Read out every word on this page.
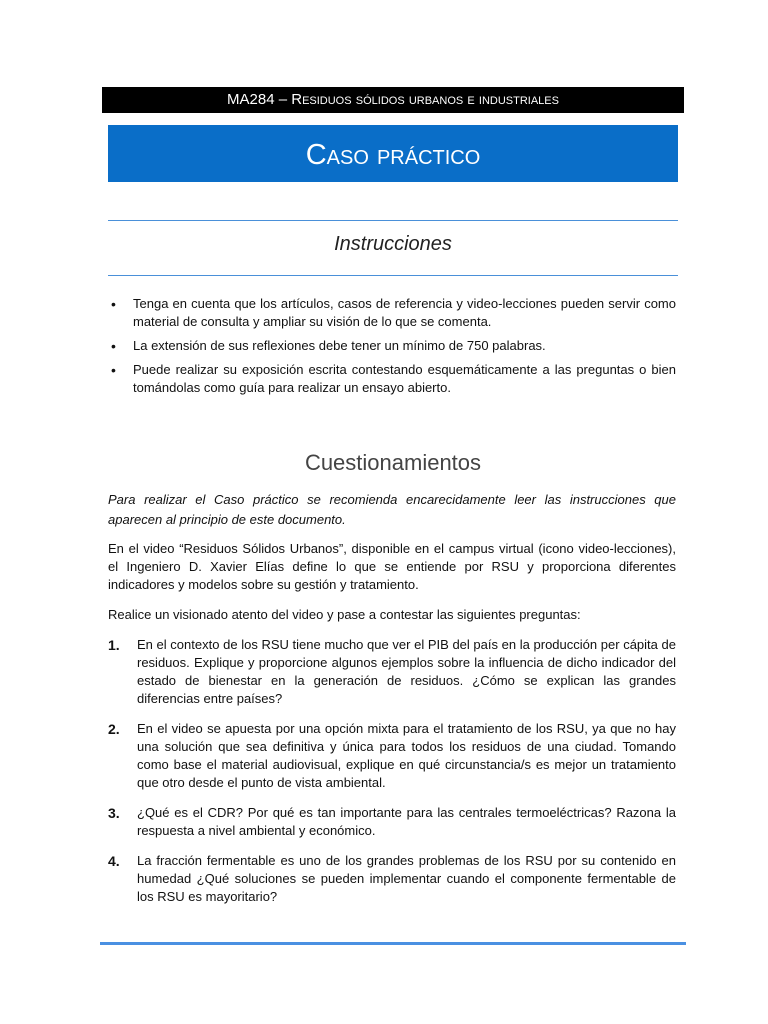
MA284 – Residuos sólidos urbanos e industriales
Caso práctico
Instrucciones
• Tenga en cuenta que los artículos, casos de referencia y video-lecciones pueden servir como material de consulta y ampliar su visión de lo que se comenta.
• La extensión de sus reflexiones debe tener un mínimo de 750 palabras.
• Puede realizar su exposición escrita contestando esquemáticamente a las preguntas o bien tomándolas como guía para realizar un ensayo abierto.
Cuestionamientos

Para realizar el Caso práctico se recomienda encarecidamente leer las instrucciones que aparecen al principio de este documento.

En el video “Residuos Sólidos Urbanos”, disponible en el campus virtual (icono video-lecciones), el Ingeniero D. Xavier Elías define lo que se entiende por RSU y proporciona diferentes indicadores y modelos sobre su gestión y tratamiento.

Realice un visionado atento del video y pase a contestar las siguientes preguntas:

1. En el contexto de los RSU tiene mucho que ver el PIB del país en la producción per cápita de residuos. Explique y proporcione algunos ejemplos sobre la influencia de dicho indicador del estado de bienestar en la generación de residuos. ¿Cómo se explican las grandes diferencias entre países?
2. En el video se apuesta por una opción mixta para el tratamiento de los RSU, ya que no hay una solución que sea definitiva y única para todos los residuos de una ciudad. Tomando como base el material audiovisual, explique en qué circunstancia/s es mejor un tratamiento que otro desde el punto de vista ambiental.
3. ¿Qué es el CDR? Por qué es tan importante para las centrales termoeléctricas? Razona la respuesta a nivel ambiental y económico.
4. La fracción fermentable es uno de los grandes problemas de los RSU por su contenido en humedad ¿Qué soluciones se pueden implementar cuando el componente fermentable de los RSU es mayoritario?
